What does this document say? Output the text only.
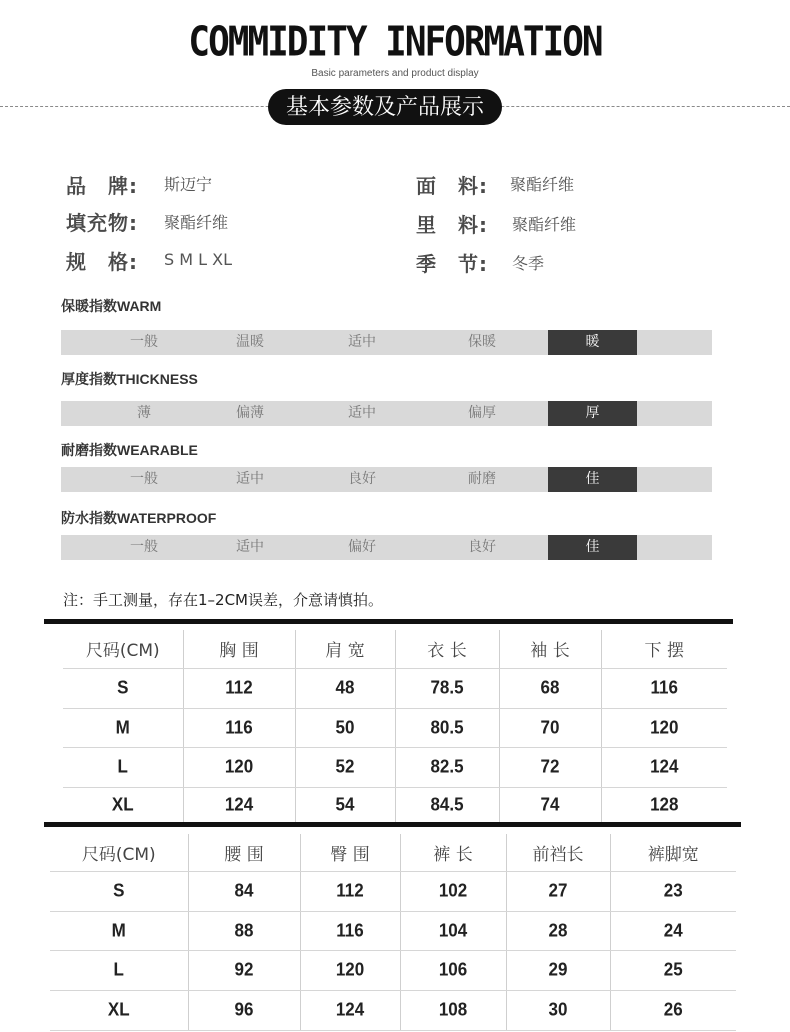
COMMIDITY INFORMATION
Basic parameters and product display
基本参数及产品展示
品　牌: 斯迈宁	面　料: 聚酯纤维
填充物: 聚酯纤维	里　料: 聚酯纤维
规　格: S M L XL	季　节: 冬季
保暖指数WARM
一般	温暖	适中	保暖	暖
厚度指数THICKNESS
薄	偏薄	适中	偏厚	厚
耐磨指数WEARABLE
一般	适中	良好	耐磨	佳
防水指数WATERPROOF
一般	适中	偏好	良好	佳
注：手工测量，存在1–2CM误差，介意请慎拍。
尺码(CM)	胸 围	肩 宽	衣 长	袖 长	下 摆
S	112	48	78.5	68	116
M	116	50	80.5	70	120
L	120	52	82.5	72	124
XL	124	54	84.5	74	128
尺码(CM)	腰 围	臀 围	裤 长	前裆长	裤脚宽
S	84	112	102	27	23
M	88	116	104	28	24
L	92	120	106	29	25
XL	96	124	108	30	26
